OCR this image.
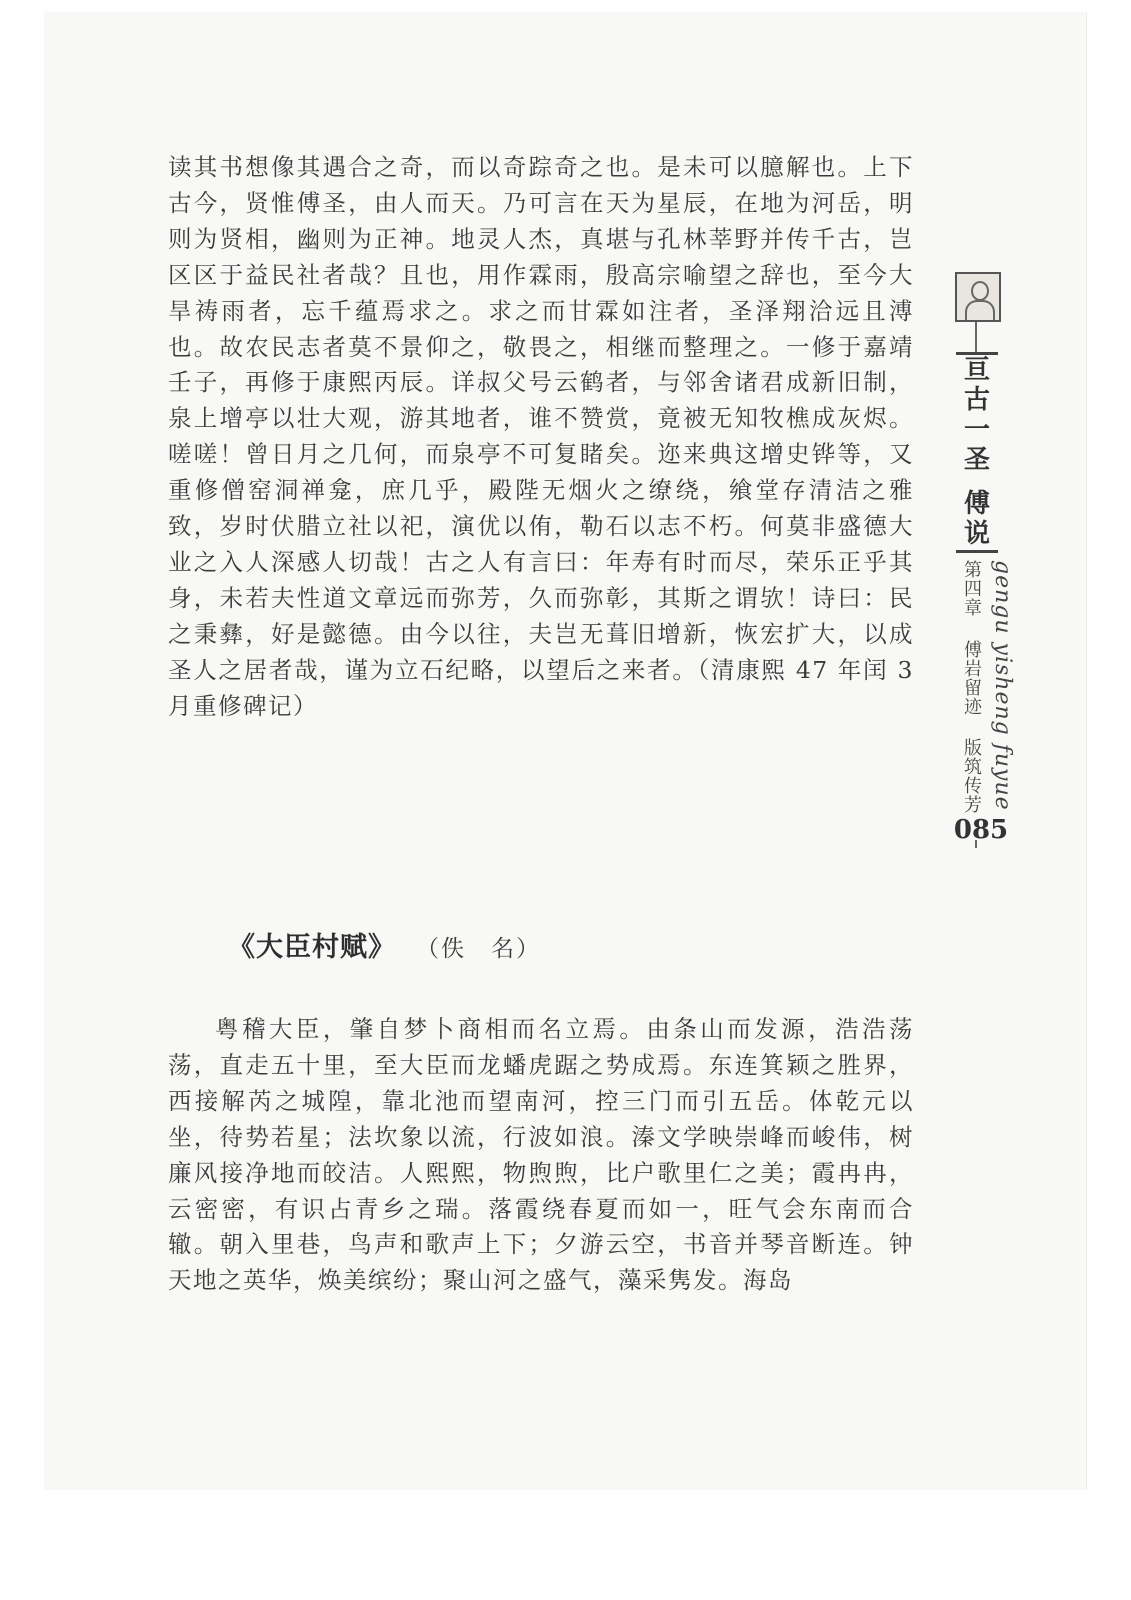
读其书想像其遇合之奇，而以奇踪奇之也。是未可以臆解也。上下古今，贤惟傅圣，由人而天。乃可言在天为星辰，在地为河岳，明则为贤相，幽则为正神。地灵人杰，真堪与孔林莘野并传千古，岂区区于益民社者哉？且也，用作霖雨，殷高宗喻望之辞也，至今大旱祷雨者，忘千蕴焉求之。求之而甘霖如注者，圣泽翔洽远且溥也。故农民志者莫不景仰之，敬畏之，相继而整理之。一修于嘉靖壬子，再修于康熙丙辰。详叔父号云鹤者，与邻舍诸君成新旧制，泉上增亭以壮大观，游其地者，谁不赞赏，竟被无知牧樵成灰烬。嗟嗟！曾日月之几何，而泉亭不可复睹矣。迩来典这增史铧等，又重修僧窑洞禅龛，庶几乎，殿陛无烟火之缭绕，飨堂存清洁之雅致，岁时伏腊立社以祀，演优以侑，勒石以志不朽。何莫非盛德大业之入人深感人切哉！古之人有言曰：年寿有时而尽，荣乐正乎其身，未若夫性道文章远而弥芳，久而弥彰，其斯之谓欤！诗曰：民之秉彝，好是懿德。由今以往，夫岂无葺旧增新，恢宏扩大，以成圣人之居者哉，谨为立石纪略，以望后之来者。（清康熙 47 年闰 3 月重修碑记）

《大臣村赋》 （佚　名）

粤稽大臣，肇自梦卜商相而名立焉。由条山而发源，浩浩荡荡，直走五十里，至大臣而龙蟠虎踞之势成焉。东连箕颖之胜界，西接解芮之城隍，靠北池而望南河，控三门而引五岳。体乾元以坐，待势若星；法坎象以流，行波如浪。溱文学映崇峰而峻伟，树廉风接净地而皎洁。人熙熙，物煦煦，比户歌里仁之美；霞冉冉，云密密，有识占青乡之瑞。落霞绕春夏而如一，旺气会东南而合辙。朝入里巷，鸟声和歌声上下；夕游云空，书音并琴音断连。钟天地之英华，焕美缤纷；聚山河之盛气，藻采隽发。海岛

亘
古
一
圣
傅
说
第四章 傅岩留迹 版筑传芳 gengu yisheng fuyue
085
